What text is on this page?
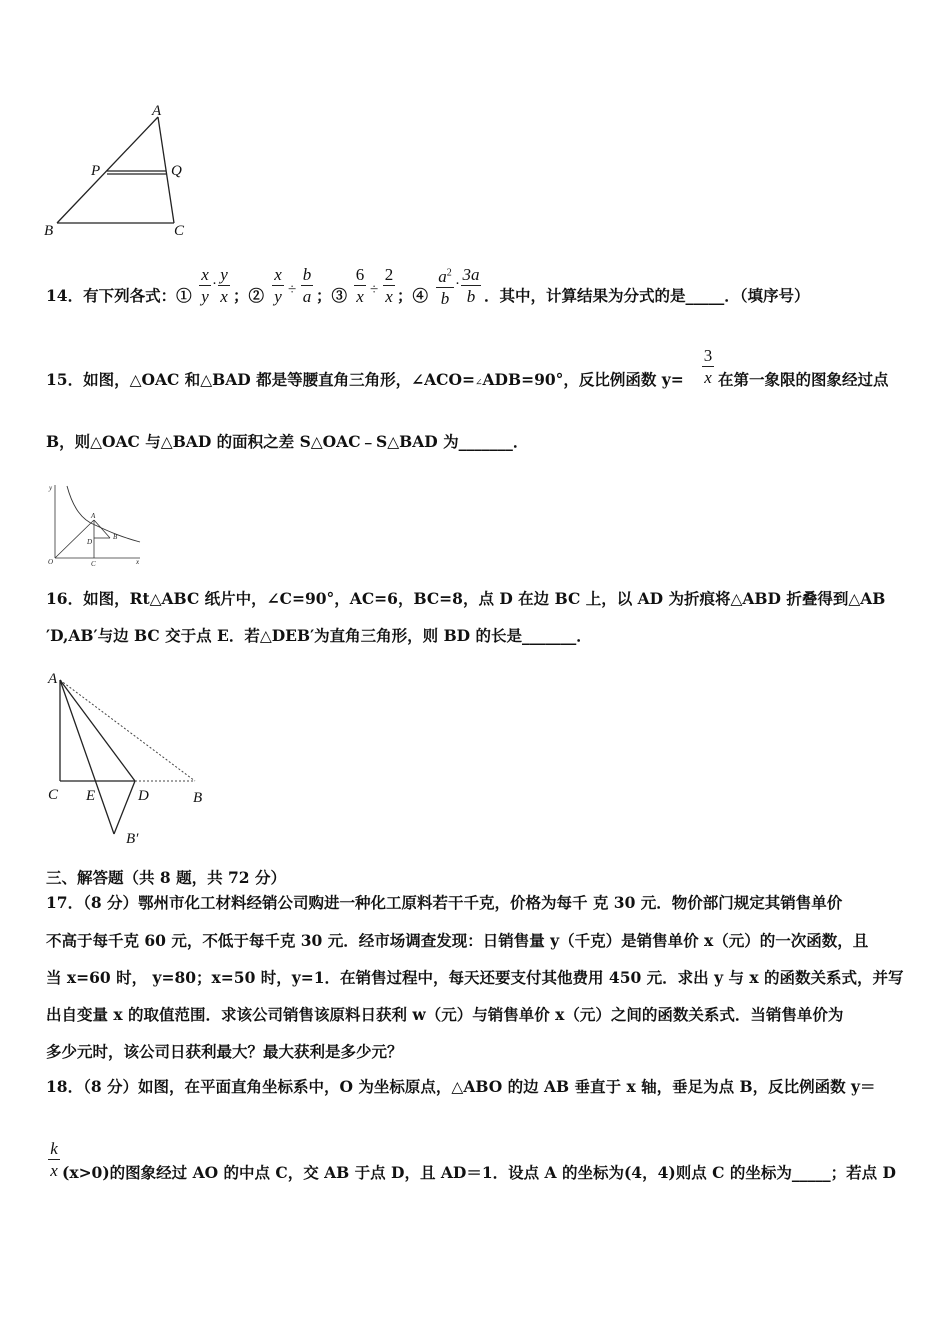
A
P	Q
B	C
14．有下列各式：①
x
y
· y
x ；②
x
y ÷
b
a ；③
6
x ÷
2
x ；④
$a^2$
b
· 3a
b ．其中，计算结果为分式的是_____．（填序号）
15．如图，△OAC 和△BAD 都是等腰直角三角形，∠ACO=∠ADB=90°，反比例函数 y=
3
x 在第一象限的图象经过点
B，则△OAC 与△BAD 的面积之差 S△OAC﹣S△BAD 为_______．
y
O
A
D
B
C	x
16．如图，Rt△ABC 纸片中，∠C=90°，AC=6，BC=8，点 D 在边 BC 上，以 AD 为折痕将△ABD 折叠得到△AB
′D,AB′与边 BC 交于点 E．若△DEB′为直角三角形，则 BD 的长是_______．
A
C E	D	B
B′
三、解答题（共 8 题，共 72 分）
17．（8 分）鄂州市化工材料经销公司购进一种化工原料若干千克，价格为每千 克 30 元．物价部门规定其销售单价
不高于每千克 60 元，不低于每千克 30 元．经市场调查发现：日销售量 y（千克）是销售单价 x（元）的一次函数，且
当 x=60 时， y=80；x=50 时，y=1．在销售过程中，每天还要支付其他费用 450 元．求出 y 与 x 的函数关系式，并写
出自变量 x 的取值范围．求该公司销售该原料日获利 w（元）与销售单价 x（元）之间的函数关系式．当销售单价为
多少元时，该公司日获利最大？最大获利是多少元？
18．（8 分）如图，在平面直角坐标系中，O 为坐标原点，△ABO 的边 AB 垂直于 x 轴，垂足为点 B，反比例函数 y＝
k
x (x>0)的图象经过 AO 的中点 C，交 AB 于点 D，且 AD＝1．设点 A 的坐标为(4，4)则点 C 的坐标为_____；若点 D
